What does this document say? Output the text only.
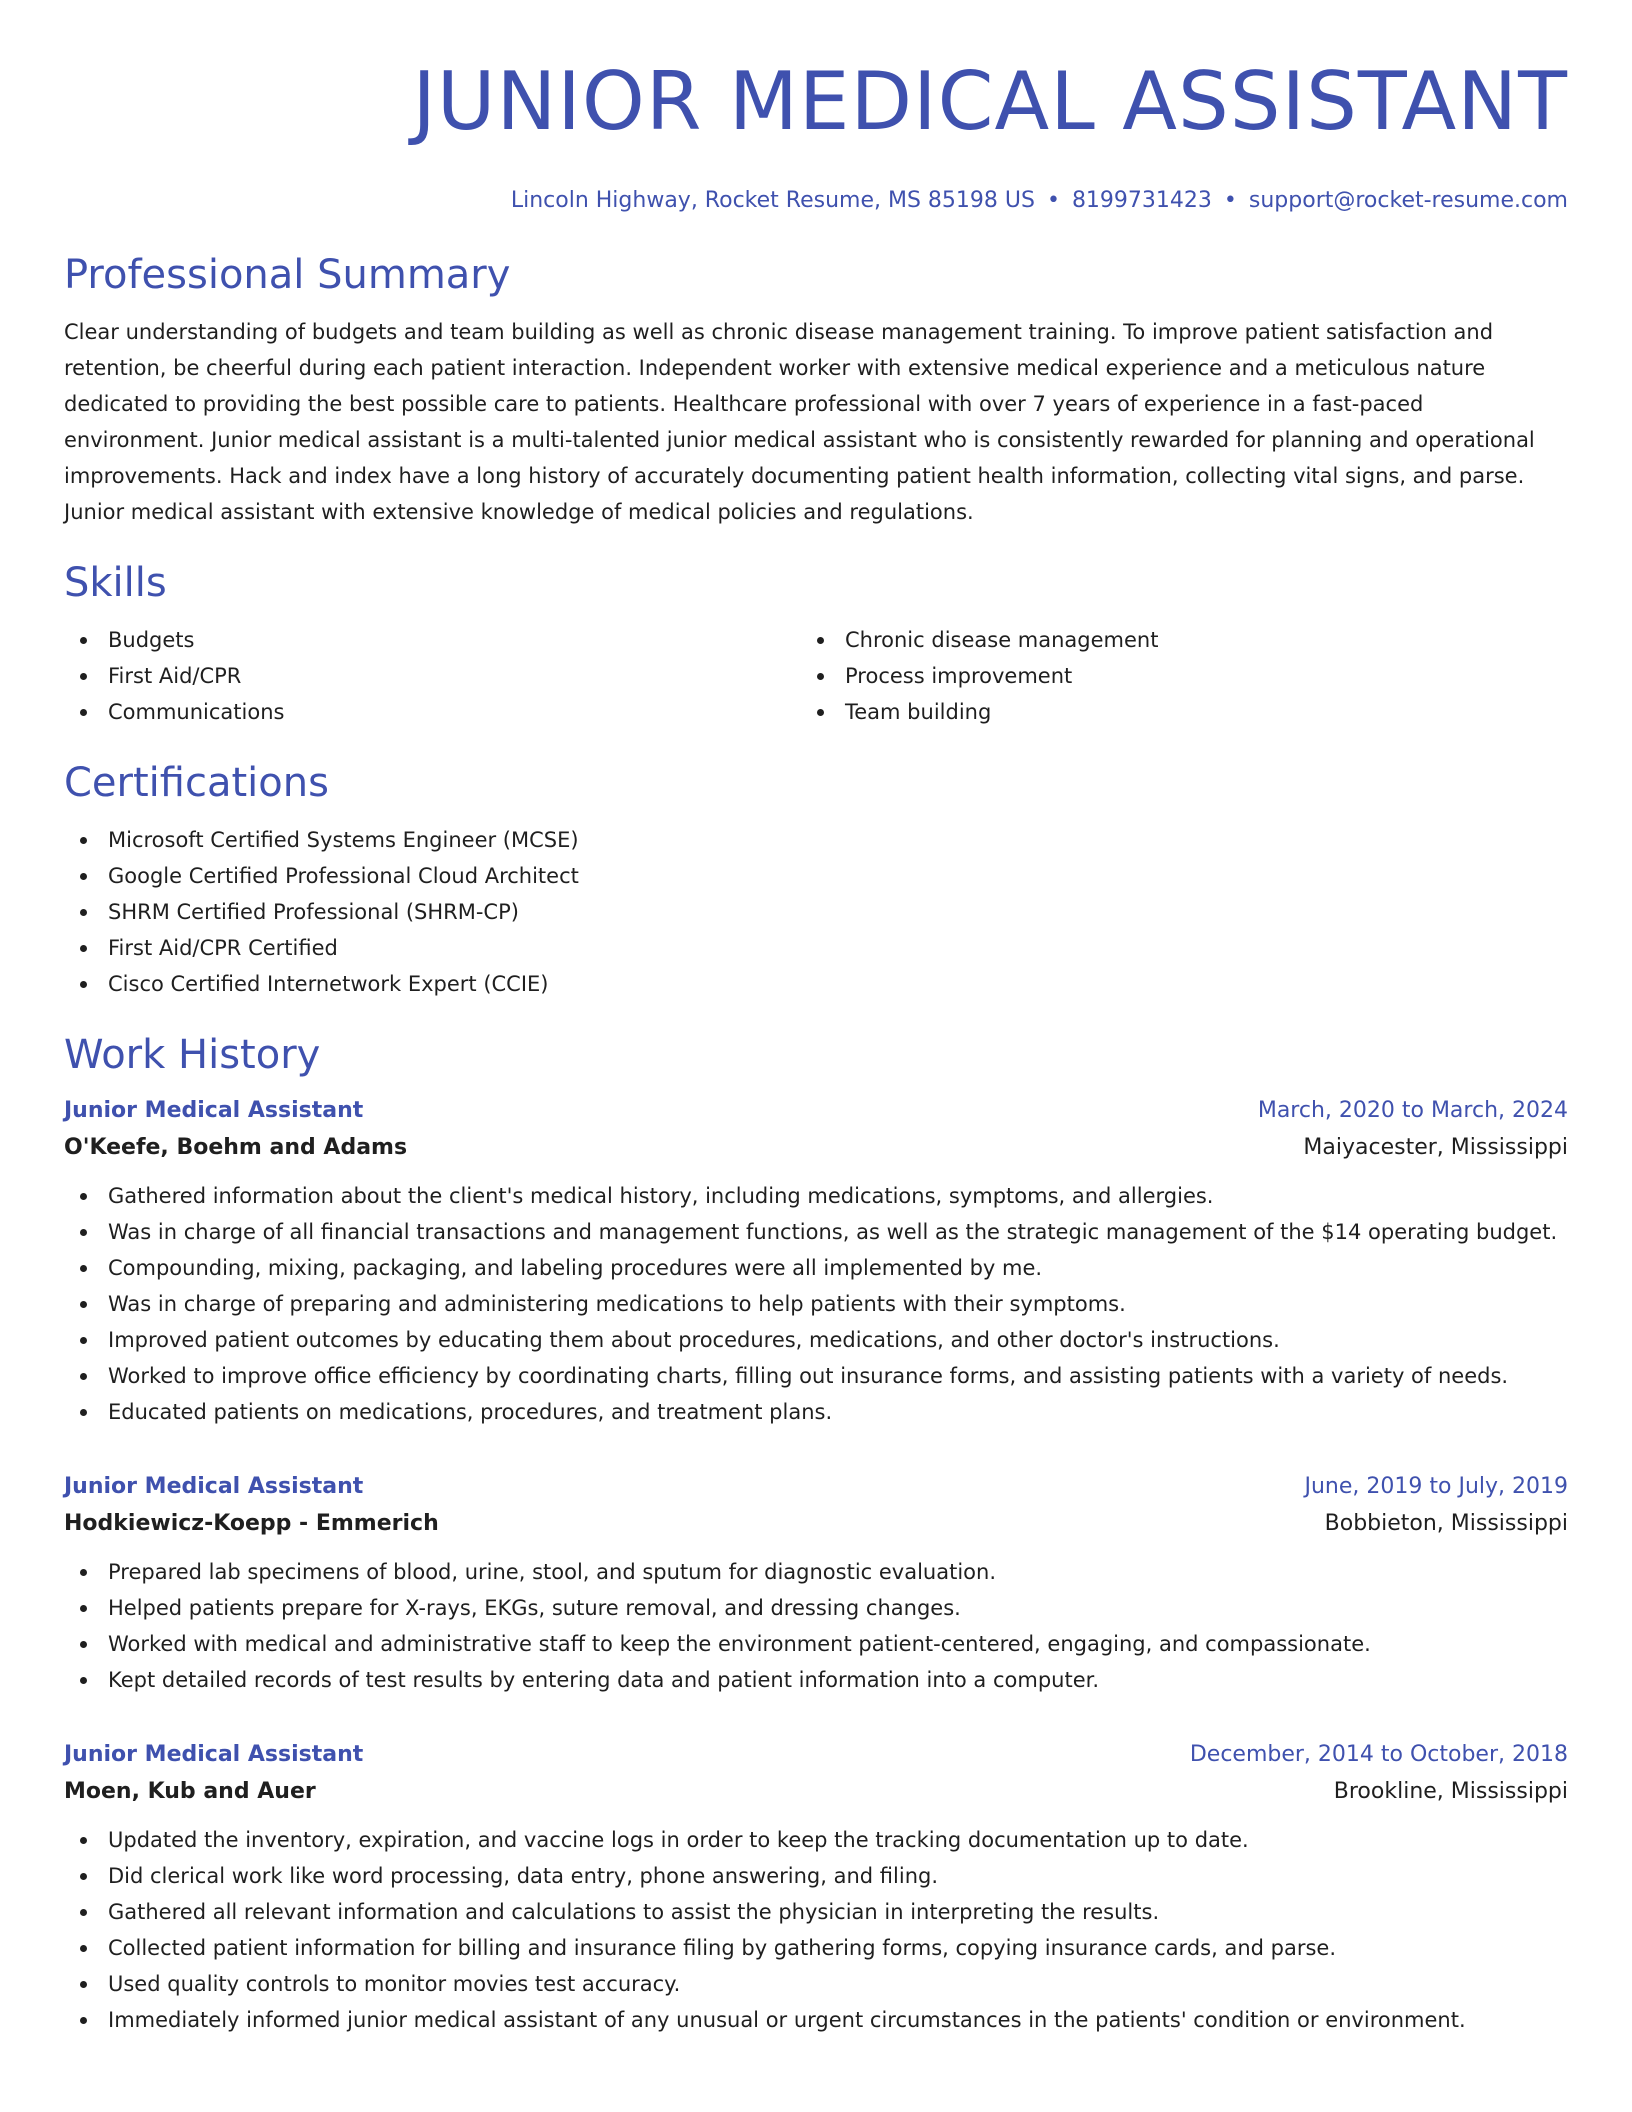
JUNIOR MEDICAL ASSISTANT
Lincoln Highway, Rocket Resume, MS 85198 US • 8199731423 • support@rocket-resume.com
Professional Summary

Clear understanding of budgets and team building as well as chronic disease management training. To improve patient satisfaction and retention, be cheerful during each patient interaction. Independent worker with extensive medical experience and a meticulous nature dedicated to providing the best possible care to patients. Healthcare professional with over 7 years of experience in a fast-paced environment. Junior medical assistant is a multi-talented junior medical assistant who is consistently rewarded for planning and operational improvements. Hack and index have a long history of accurately documenting patient health information, collecting vital signs, and parse. Junior medical assistant with extensive knowledge of medical policies and regulations.

Skills
Budgets
First Aid/CPR
Communications
Chronic disease management
Process improvement
Team building
Certifications
Microsoft Certified Systems Engineer (MCSE)
Google Certified Professional Cloud Architect
SHRM Certified Professional (SHRM-CP)
First Aid/CPR Certified
Cisco Certified Internetwork Expert (CCIE)
Work History
Junior Medical Assistant	March, 2020 to March, 2024
O'Keefe, Boehm and Adams	Maiyacester, Mississippi
Gathered information about the client's medical history, including medications, symptoms, and allergies.
Was in charge of all financial transactions and management functions, as well as the strategic management of the $14 operating budget.
Compounding, mixing, packaging, and labeling procedures were all implemented by me.
Was in charge of preparing and administering medications to help patients with their symptoms.
Improved patient outcomes by educating them about procedures, medications, and other doctor's instructions.
Worked to improve office efficiency by coordinating charts, filling out insurance forms, and assisting patients with a variety of needs.
Educated patients on medications, procedures, and treatment plans.
Junior Medical Assistant	June, 2019 to July, 2019
Hodkiewicz-Koepp - Emmerich	Bobbieton, Mississippi
Prepared lab specimens of blood, urine, stool, and sputum for diagnostic evaluation.
Helped patients prepare for X-rays, EKGs, suture removal, and dressing changes.
Worked with medical and administrative staff to keep the environment patient-centered, engaging, and compassionate.
Kept detailed records of test results by entering data and patient information into a computer.
Junior Medical Assistant	December, 2014 to October, 2018
Moen, Kub and Auer	Brookline, Mississippi
Updated the inventory, expiration, and vaccine logs in order to keep the tracking documentation up to date.
Did clerical work like word processing, data entry, phone answering, and filing.
Gathered all relevant information and calculations to assist the physician in interpreting the results.
Collected patient information for billing and insurance filing by gathering forms, copying insurance cards, and parse.
Used quality controls to monitor movies test accuracy.
Immediately informed junior medical assistant of any unusual or urgent circumstances in the patients' condition or environment.
